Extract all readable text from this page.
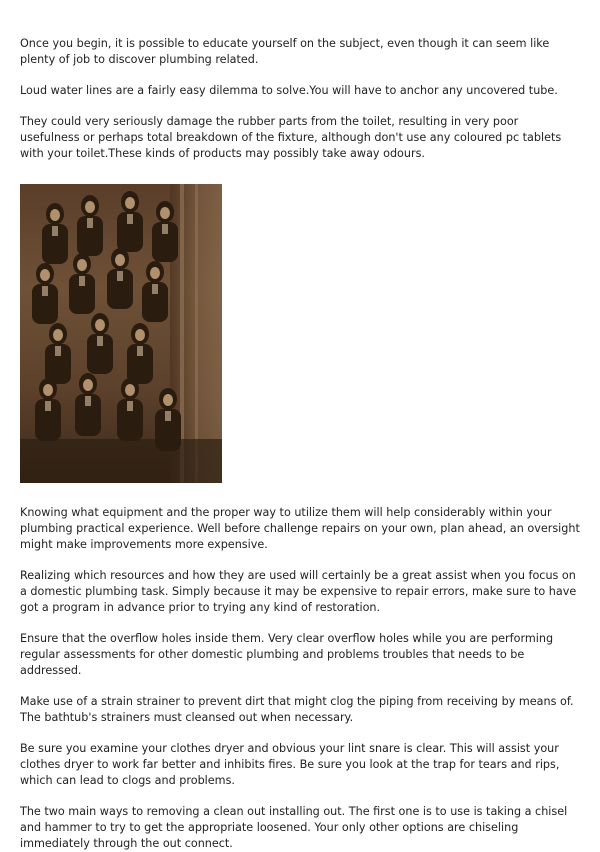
Once you begin, it is possible to educate yourself on the subject, even though it can seem like plenty of job to discover plumbing related.

Loud water lines are a fairly easy dilemma to solve.You will have to anchor any uncovered tube.

They could very seriously damage the rubber parts from the toilet, resulting in very poor usefulness or perhaps total breakdown of the fixture, although don't use any coloured pc tablets with your toilet.These kinds of products may possibly take away odours.

Knowing what equipment and the proper way to utilize them will help considerably within your plumbing practical experience. Well before challenge repairs on your own, plan ahead, an oversight might make improvements more expensive.

Realizing which resources and how they are used will certainly be a great assist when you focus on a domestic plumbing task. Simply because it may be expensive to repair errors, make sure to have got a program in advance prior to trying any kind of restoration.

Ensure that the overflow holes inside them. Very clear overflow holes while you are performing regular assessments for other domestic plumbing and problems troubles that needs to be addressed.

Make use of a strain strainer to prevent dirt that might clog the piping from receiving by means of. The bathtub's strainers must cleansed out when necessary.

Be sure you examine your clothes dryer and obvious your lint snare is clear. This will assist your clothes dryer to work far better and inhibits fires. Be sure you look at the trap for tears and rips, which can lead to clogs and problems.

The two main ways to removing a clean out installing out. The first one is to use is taking a chisel and hammer to try to get the appropriate loosened. Your only other options are chiseling immediately through the out connect.
